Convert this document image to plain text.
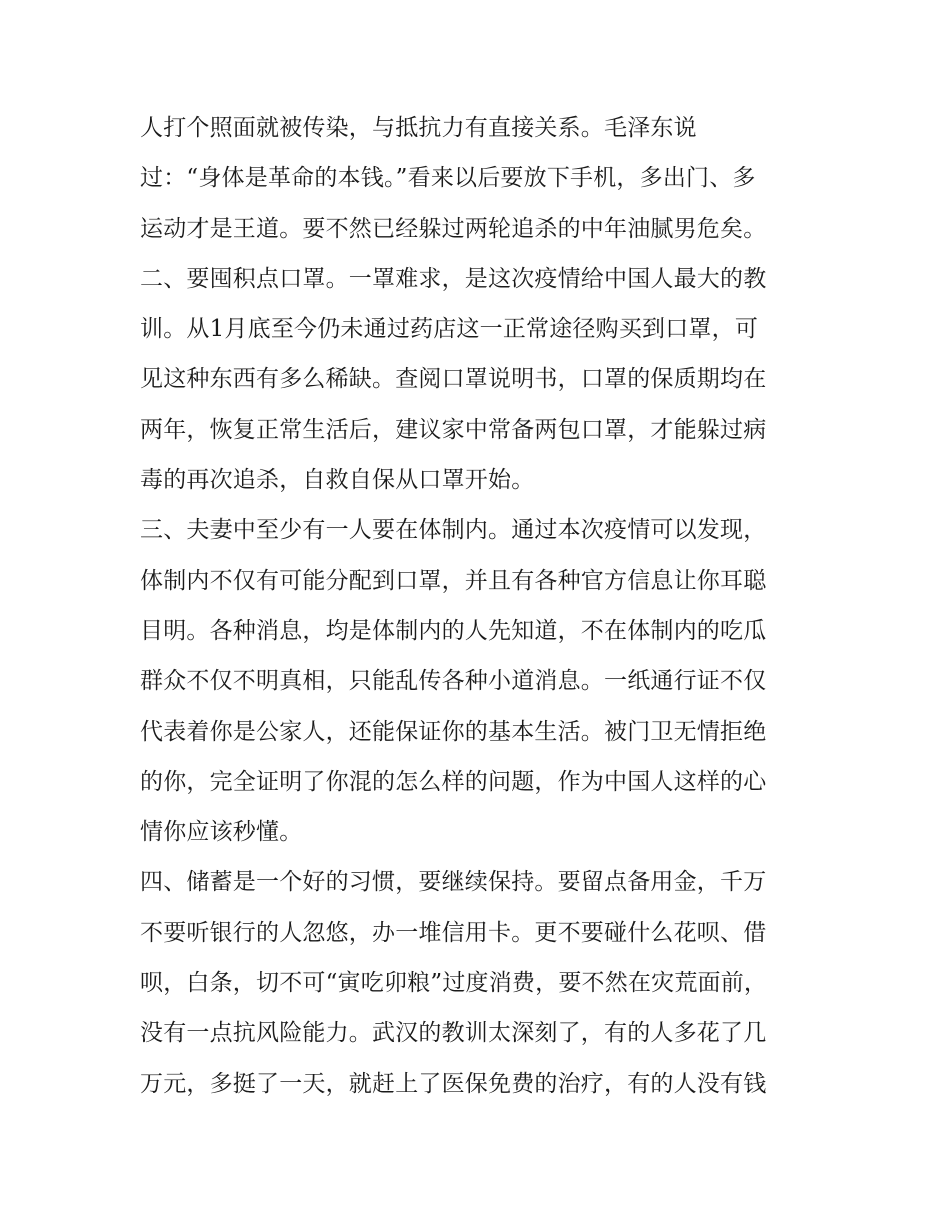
人打个照面就被传染，与抵抗力有直接关系。毛泽东说
过：“身体是革命的本钱。”看来以后要放下手机，多出门、多
运动才是王道。要不然已经躲过两轮追杀的中年油腻男危矣。
二、要囤积点口罩。一罩难求，是这次疫情给中国人最大的教
训。从1月底至今仍未通过药店这一正常途径购买到口罩，可
见这种东西有多么稀缺。查阅口罩说明书，口罩的保质期均在
两年，恢复正常生活后，建议家中常备两包口罩，才能躲过病
毒的再次追杀，自救自保从口罩开始。
三、夫妻中至少有一人要在体制内。通过本次疫情可以发现，
体制内不仅有可能分配到口罩，并且有各种官方信息让你耳聪
目明。各种消息，均是体制内的人先知道，不在体制内的吃瓜
群众不仅不明真相，只能乱传各种小道消息。一纸通行证不仅
代表着你是公家人，还能保证你的基本生活。被门卫无情拒绝
的你，完全证明了你混的怎么样的问题，作为中国人这样的心
情你应该秒懂。
四、储蓄是一个好的习惯，要继续保持。要留点备用金，千万
不要听银行的人忽悠，办一堆信用卡。更不要碰什么花呗、借
呗，白条，切不可“寅吃卯粮”过度消费，要不然在灾荒面前，
没有一点抗风险能力。武汉的教训太深刻了，有的人多花了几
万元，多挺了一天，就赶上了医保免费的治疗，有的人没有钱
